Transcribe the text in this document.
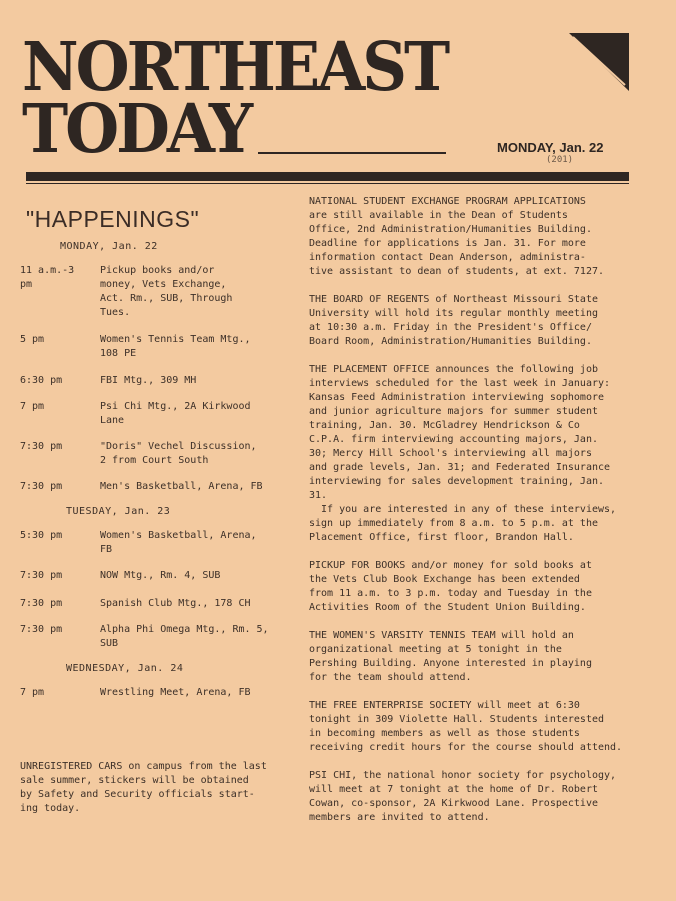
NORTHEAST
TODAY	MONDAY, Jan. 22
(201)
"HAPPENINGS"
MONDAY, Jan. 22
11 a.m.-3 pm
Pickup books and/or
money, Vets Exchange,
Act. Rm., SUB, Through
Tues.
5 pm	Women's Tennis Team Mtg.,
108 PE
6:30 pm	FBI Mtg., 309 MH
7 pm	Psi Chi Mtg., 2A Kirkwood
Lane
7:30 pm	"Doris" Vechel Discussion,
2 from Court South
7:30 pm	Men's Basketball, Arena, FB
TUESDAY, Jan. 23
5:30 pm	Women's Basketball, Arena,
FB
7:30 pm	NOW Mtg., Rm. 4, SUB
7:30 pm	Spanish Club Mtg., 178 CH
7:30 pm	Alpha Phi Omega Mtg., Rm. 5,
SUB
WEDNESDAY, Jan. 24
7 pm	Wrestling Meet, Arena, FB
UNREGISTERED CARS on campus from the last
sale summer, stickers will be obtained
by Safety and Security officials start-
ing today.

NATIONAL STUDENT EXCHANGE PROGRAM APPLICATIONS
are still available in the Dean of Students
Office, 2nd Administration/Humanities Building.
Deadline for applications is Jan. 31. For more
information contact Dean Anderson, administra-
tive assistant to dean of students, at ext. 7127.

THE BOARD OF REGENTS of Northeast Missouri State
University will hold its regular monthly meeting
at 10:30 a.m. Friday in the President's Office/
Board Room, Administration/Humanities Building.

THE PLACEMENT OFFICE announces the following job
interviews scheduled for the last week in January:
Kansas Feed Administration interviewing sophomore
and junior agriculture majors for summer student
training, Jan. 30. McGladrey Hendrickson & Co
C.P.A. firm interviewing accounting majors, Jan.
30; Mercy Hill School's interviewing all majors
and grade levels, Jan. 31; and Federated Insurance
interviewing for sales development training, Jan.
31.
If you are interested in any of these interviews,
sign up immediately from 8 a.m. to 5 p.m. at the
Placement Office, first floor, Brandon Hall.

PICKUP FOR BOOKS and/or money for sold books at
the Vets Club Book Exchange has been extended
from 11 a.m. to 3 p.m. today and Tuesday in the
Activities Room of the Student Union Building.

THE WOMEN'S VARSITY TENNIS TEAM will hold an
organizational meeting at 5 tonight in the
Pershing Building. Anyone interested in playing
for the team should attend.

THE FREE ENTERPRISE SOCIETY will meet at 6:30
tonight in 309 Violette Hall. Students interested
in becoming members as well as those students
receiving credit hours for the course should attend.

PSI CHI, the national honor society for psychology,
will meet at 7 tonight at the home of Dr. Robert
Cowan, co-sponsor, 2A Kirkwood Lane. Prospective
members are invited to attend.
